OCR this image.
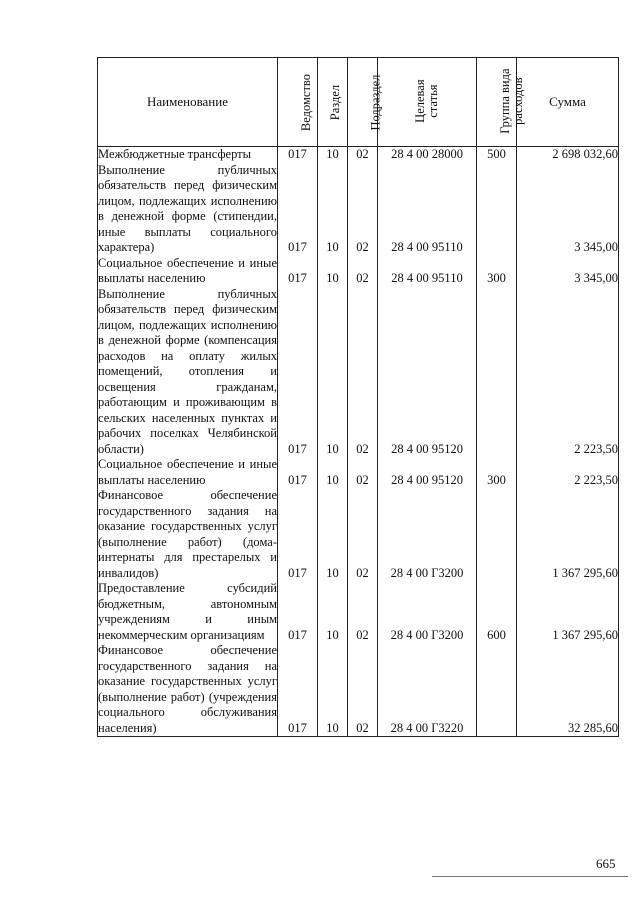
Наименование	Ведомство	Раздел	Подраздел	Целевая статья	Группа вида расходов	Сумма
Межбюджетные трансферты	017	10	02	28 4 00 28000	500	2 698 032,60
Выполнение публичных обязательств перед физическим лицом, подлежащих исполнению в денежной форме (стипендии, иные выплаты социального характера)	017	10	02	28 4 00 95110		3 345,00
Социальное обеспечение и иные выплаты населению	017	10	02	28 4 00 95110	300	3 345,00
Выполнение публичных обязательств перед физическим лицом, подлежащих исполнению в денежной форме (компенсация расходов на оплату жилых помещений, отопления и освещения гражданам, работающим и проживающим в сельских населенных пунктах и рабочих поселках Челябинской области)	017	10	02	28 4 00 95120		2 223,50
Социальное обеспечение и иные выплаты населению	017	10	02	28 4 00 95120	300	2 223,50
Финансовое обеспечение государственного задания на оказание государственных услуг (выполнение работ) (дома-интернаты для престарелых и инвалидов)	017	10	02	28 4 00 Г3200		1 367 295,60
Предоставление субсидий бюджетным, автономным учреждениям и иным некоммерческим организациям	017	10	02	28 4 00 Г3200	600	1 367 295,60
Финансовое обеспечение государственного задания на оказание государственных услуг (выполнение работ) (учреждения социального обслуживания населения)	017	10	02	28 4 00 Г3220		32 285,60
665
